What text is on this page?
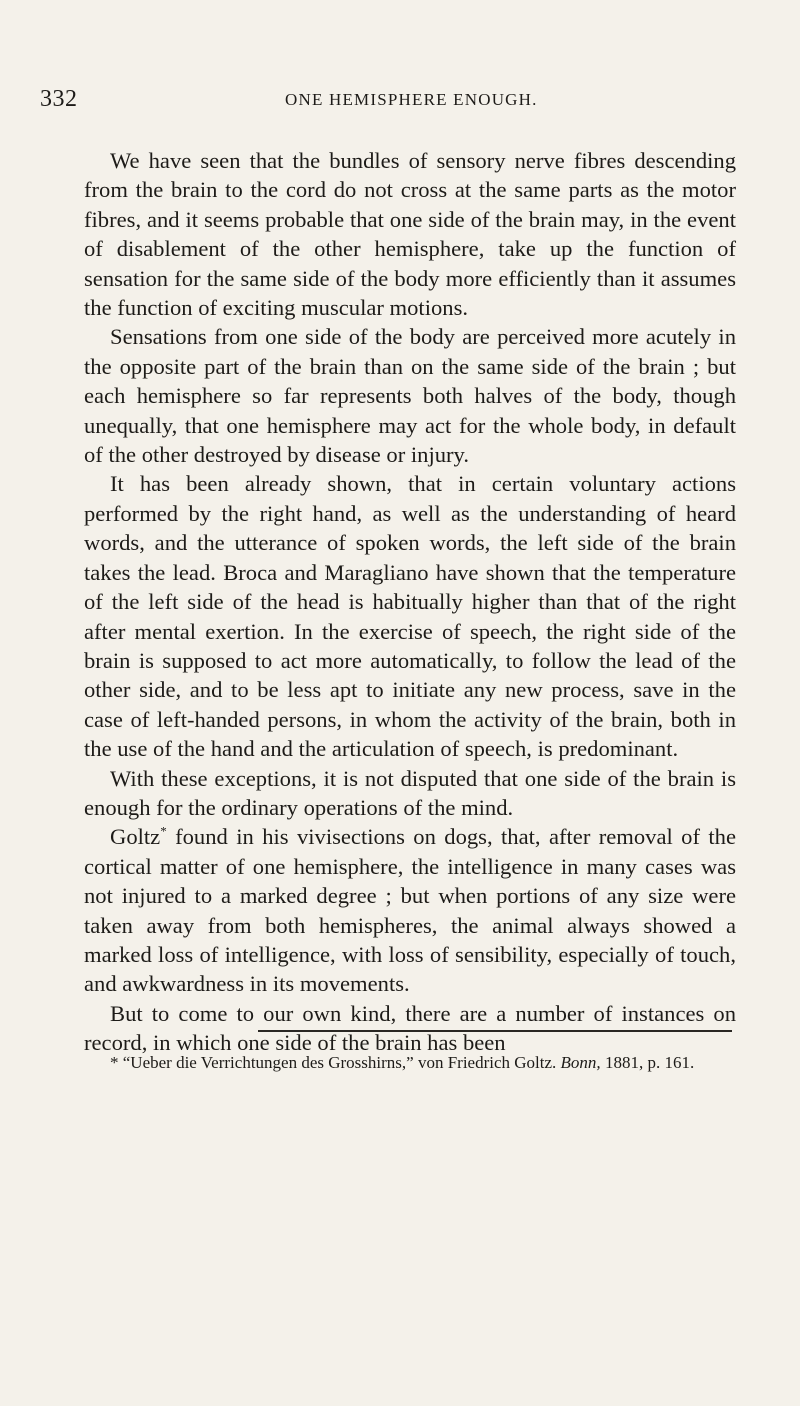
332	ONE HEMISPHERE ENOUGH.

We have seen that the bundles of sensory nerve fibres descending from the brain to the cord do not cross at the same parts as the motor fibres, and it seems probable that one side of the brain may, in the event of disablement of the other hemisphere, take up the function of sensation for the same side of the body more efficiently than it assumes the function of exciting muscular motions.

Sensations from one side of the body are perceived more acutely in the opposite part of the brain than on the same side of the brain ; but each hemisphere so far represents both halves of the body, though unequally, that one hemisphere may act for the whole body, in default of the other destroyed by disease or injury.

It has been already shown, that in certain voluntary actions performed by the right hand, as well as the understanding of heard words, and the utterance of spoken words, the left side of the brain takes the lead. Broca and Maragliano have shown that the temperature of the left side of the head is habitually higher than that of the right after mental exertion. In the exercise of speech, the right side of the brain is supposed to act more automatically, to follow the lead of the other side, and to be less apt to initiate any new process, save in the case of left-handed persons, in whom the activity of the brain, both in the use of the hand and the articulation of speech, is predominant.

With these exceptions, it is not disputed that one side of the brain is enough for the ordinary operations of the mind.

Goltz* found in his vivisections on dogs, that, after removal of the cortical matter of one hemisphere, the intelligence in many cases was not injured to a marked degree ; but when portions of any size were taken away from both hemispheres, the animal always showed a marked loss of intelligence, with loss of sensibility, especially of touch, and awkwardness in its movements.

But to come to our own kind, there are a number of instances on record, in which one side of the brain has been

* “Ueber die Verrichtungen des Grosshirns,” von Friedrich Goltz. Bonn, 1881, p. 161.
